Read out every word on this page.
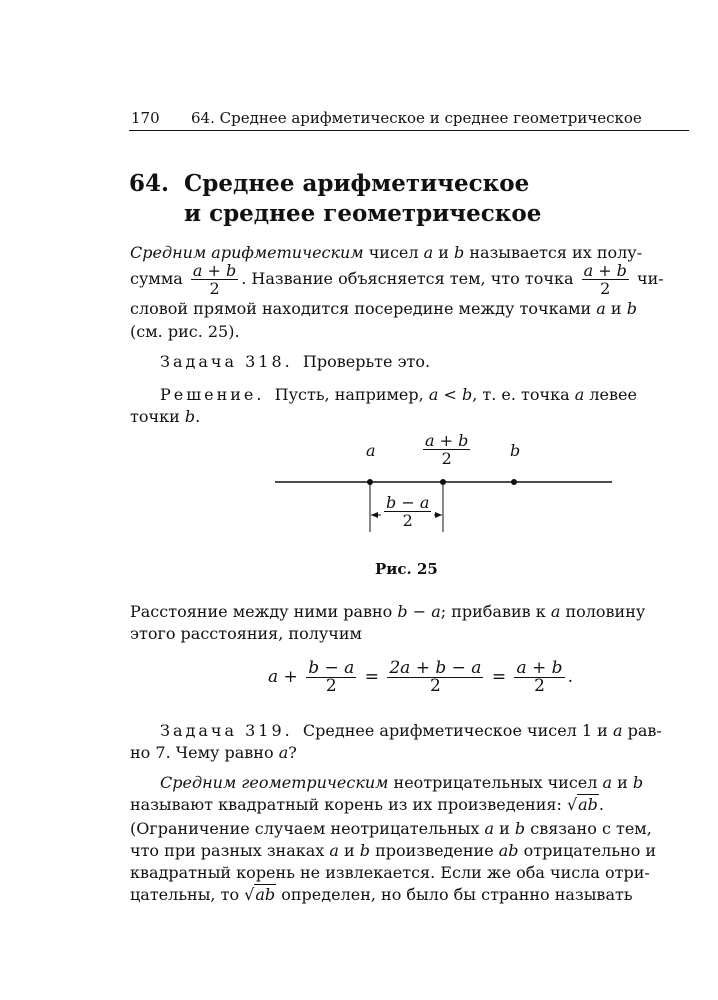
170 64. Среднее арифметическое и среднее геометрическое
64. Среднее арифметическое
и среднее геометрическое
Средним арифметическим чисел a и b называется их полу-
сумма $\frac{a + b}{2}$ . Название объясняется тем, что точка $\frac{a + b}{2} чи-$
словой прямой находится посередине между точками a и b
(см. рис. 25).
Задача 318. Проверьте это.
Решение. Пусть, например, a < b, т. е. точка a левее
точки b.
a	$\frac{a + b}{2}$ b
$\frac{b - a}{2}$
Рис. 25
Расстояние между ними равно b − a; прибавив к a половину
этого расстояния, получим
$a + \frac{b - a}{2} = \frac{2a + b - a}{2} = \frac{a + b}{2}$ .
Задача 319. Среднее арифметическое чисел 1 и a рав-
но 7. Чему равно a?
Средним геометрическим неотрицательных чисел a и b
называют квадратный корень из их произведения: √ab.
(Ограничение случаем неотрицательных a и b связано с тем,
что при разных знаках a и b произведение ab отрицательно и
квадратный корень не извлекается. Если же оба числа отри-
цательны, то √ab определен, но было бы странно называть
